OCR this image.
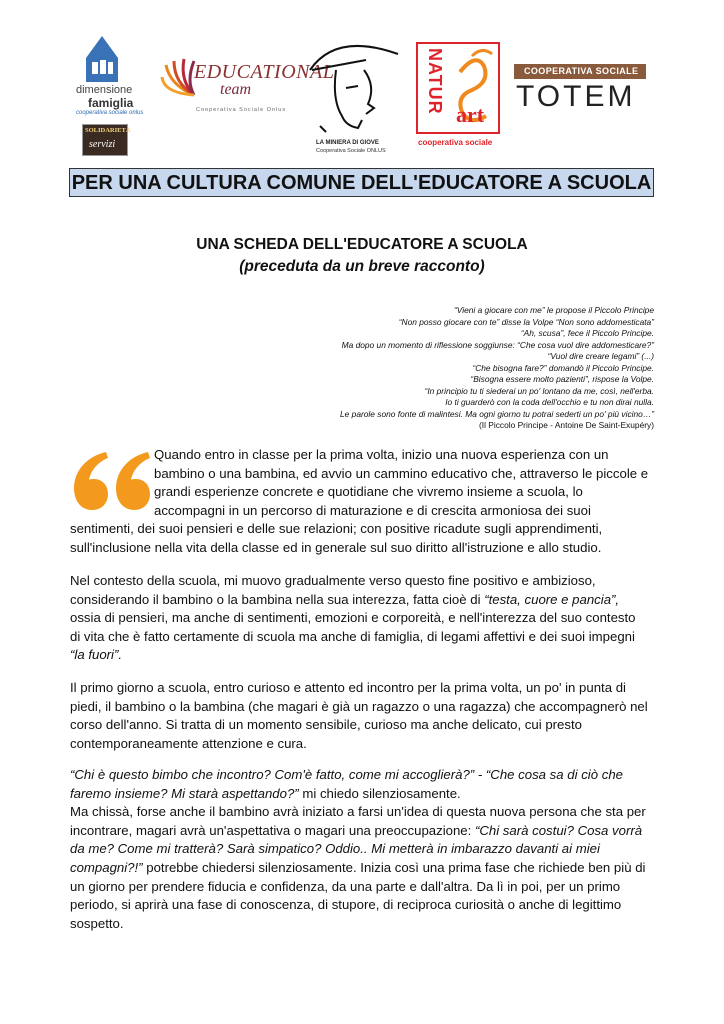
dimensione
famiglia
cooperativa sociale onlus
SOLIDARIETÀ
servizi
EDUCATIONAL
team
Cooperativa Sociale Onlus
LA MINIERA DI GIOVE
Cooperativa Sociale ONLUS
NATUR art
cooperativa sociale
COOPERATIVA SOCIALE
TOTEM
PER UNA CULTURA COMUNE DELL'EDUCATORE A SCUOLA
UNA SCHEDA DELL'EDUCATORE A SCUOLA
(preceduta da un breve racconto)
“Vieni a giocare con me” le propose il Piccolo Principe
“Non posso giocare con te” disse la Volpe “Non sono addomesticata”
“Ah, scusa”, fece il Piccolo Principe.
Ma dopo un momento di riflessione soggiunse: “Che cosa vuol dire addomesticare?”
“Vuol dire creare legami” (...)
“Che bisogna fare?” domandò il Piccolo Principe.
“Bisogna essere molto pazienti”, rispose la Volpe.
“In principio tu ti siederai un po' lontano da me, così, nell'erba.
Io ti guarderò con la coda dell'occhio e tu non dirai nulla.
Le parole sono fonte di malintesi. Ma ogni giorno tu potrai sederti un po' più vicino…”
(Il Piccolo Principe - Antoine De Saint-Exupéry)
Quando entro in classe per la prima volta, inizio una nuova esperienza con un
bambino o una bambina, ed avvio un cammino educativo che, attraverso le piccole e
grandi esperienze concrete e quotidiane che vivremo insieme a scuola, lo
accompagni in un percorso di maturazione e di crescita armoniosa dei suoi
sentimenti, dei suoi pensieri e delle sue relazioni; con positive ricadute sugli apprendimenti,
sull'inclusione nella vita della classe ed in generale sul suo diritto all'istruzione e allo studio.
Nel contesto della scuola, mi muovo gradualmente verso questo fine positivo e ambizioso,
considerando il bambino o la bambina nella sua interezza, fatta cioè di “testa, cuore e pancia”,
ossia di pensieri, ma anche di sentimenti, emozioni e corporeità, e nell'interezza del suo contesto
di vita che è fatto certamente di scuola ma anche di famiglia, di legami affettivi e dei suoi impegni
“la fuori”.
Il primo giorno a scuola, entro curioso e attento ed incontro per la prima volta, un po' in punta di
piedi, il bambino o la bambina (che magari è già un ragazzo o una ragazza) che accompagnerò nel
corso dell'anno. Si tratta di un momento sensibile, curioso ma anche delicato, cui presto
contemporaneamente attenzione e cura.
“Chi è questo bimbo che incontro? Com'è fatto, come mi accoglierà?” - “Che cosa sa di ciò che
faremo insieme? Mi starà aspettando?” mi chiedo silenziosamente.
Ma chissà, forse anche il bambino avrà iniziato a farsi un'idea di questa nuova persona che sta per
incontrare, magari avrà un'aspettativa o magari una preoccupazione: “Chi sarà costui? Cosa vorrà
da me? Come mi tratterà? Sarà simpatico? Oddio.. Mi metterà in imbarazzo davanti ai miei
compagni?!” potrebbe chiedersi silenziosamente. Inizia così una prima fase che richiede ben più di
un giorno per prendere fiducia e confidenza, da una parte e dall'altra. Da lì in poi, per un primo
periodo, si aprirà una fase di conoscenza, di stupore, di reciproca curiosità o anche di legittimo
sospetto.
